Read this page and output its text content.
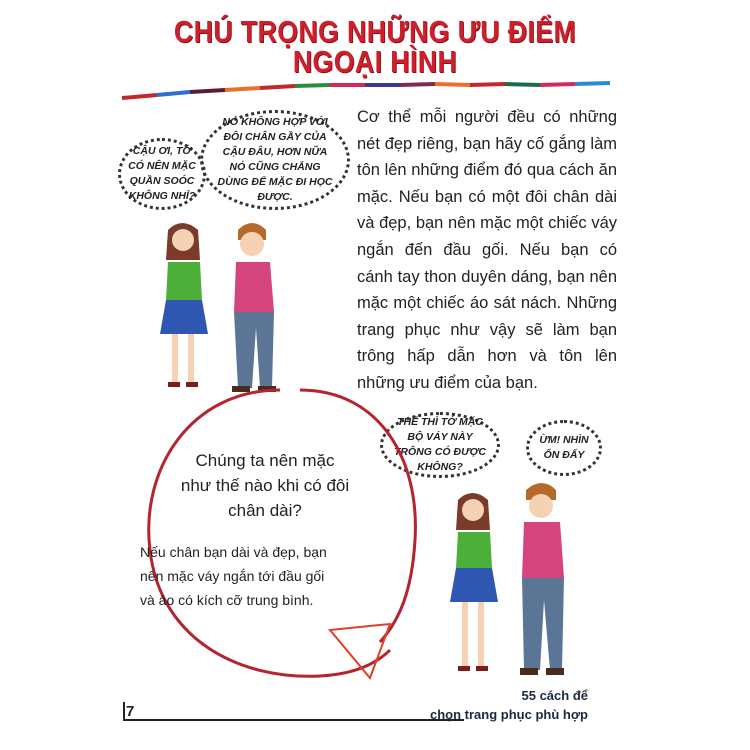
CHÚ TRỌNG NHỮNG ƯU ĐIỂM
NGOẠI HÌNH
Cơ thể mỗi người đều có những nét đẹp riêng, bạn hãy cố gắng làm tôn lên những điểm đó qua cách ăn mặc. Nếu bạn có một đôi chân dài và đẹp, bạn nên mặc một chiếc váy ngắn đến đầu gối. Nếu bạn có cánh tay thon duyên dáng, bạn nên mặc một chiếc áo sát nách. Những trang phục như vậy sẽ làm bạn trông hấp dẫn hơn và tôn lên những ưu điểm của bạn.
CẬU ƠI, TỚ CÓ NÊN MẶC QUẦN SOÓC KHÔNG NHỈ?
NÓ KHÔNG HỢP VỚI ĐÔI CHÂN GẦY CỦA CẬU ĐÂU, HƠN NỮA NÓ CŨNG CHẲNG DÙNG ĐỂ MẶC ĐI HỌC ĐƯỢC.
THẾ THÌ TỚ MẶC BỘ VÁY NÀY TRÔNG CÓ ĐƯỢC KHÔNG?
ỪM! NHÌN ỔN ĐẤY
Chúng ta nên mặc như thế nào khi có đôi chân dài?
Nếu chân bạn dài và đẹp, bạn nên mặc váy ngắn tới đầu gối và áo có kích cỡ trung bình.
7
55 cách để
chọn trang phục phù hợp
